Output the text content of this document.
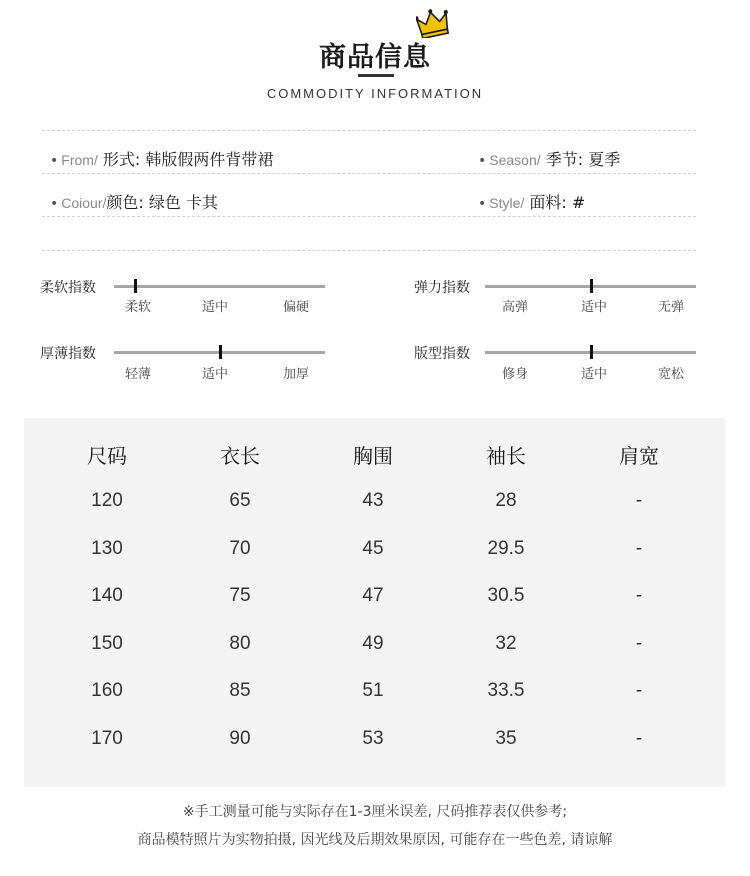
商品信息
COMMODITY INFORMATION
• From/ 形式: 韩版假两件背带裙	• Season/ 季节: 夏季
• Coiour/颜色: 绿色 卡其	• Style/ 面料: #
柔软指数
柔软	适中	偏硬
弹力指数
高弹	适中	无弹
厚薄指数
轻薄	适中	加厚
版型指数
修身	适中	宽松
尺码	衣长	胸围	袖长	肩宽
120	65	43	28	-
130	70	45	29.5	-
140	75	47	30.5	-
150	80	49	32	-
160	85	51	33.5	-
170	90	53	35	-
※手工测量可能与实际存在1-3厘米误差, 尺码推荐表仅供参考;
商品模特照片为实物拍摄, 因光线及后期效果原因, 可能存在一些色差, 请谅解
